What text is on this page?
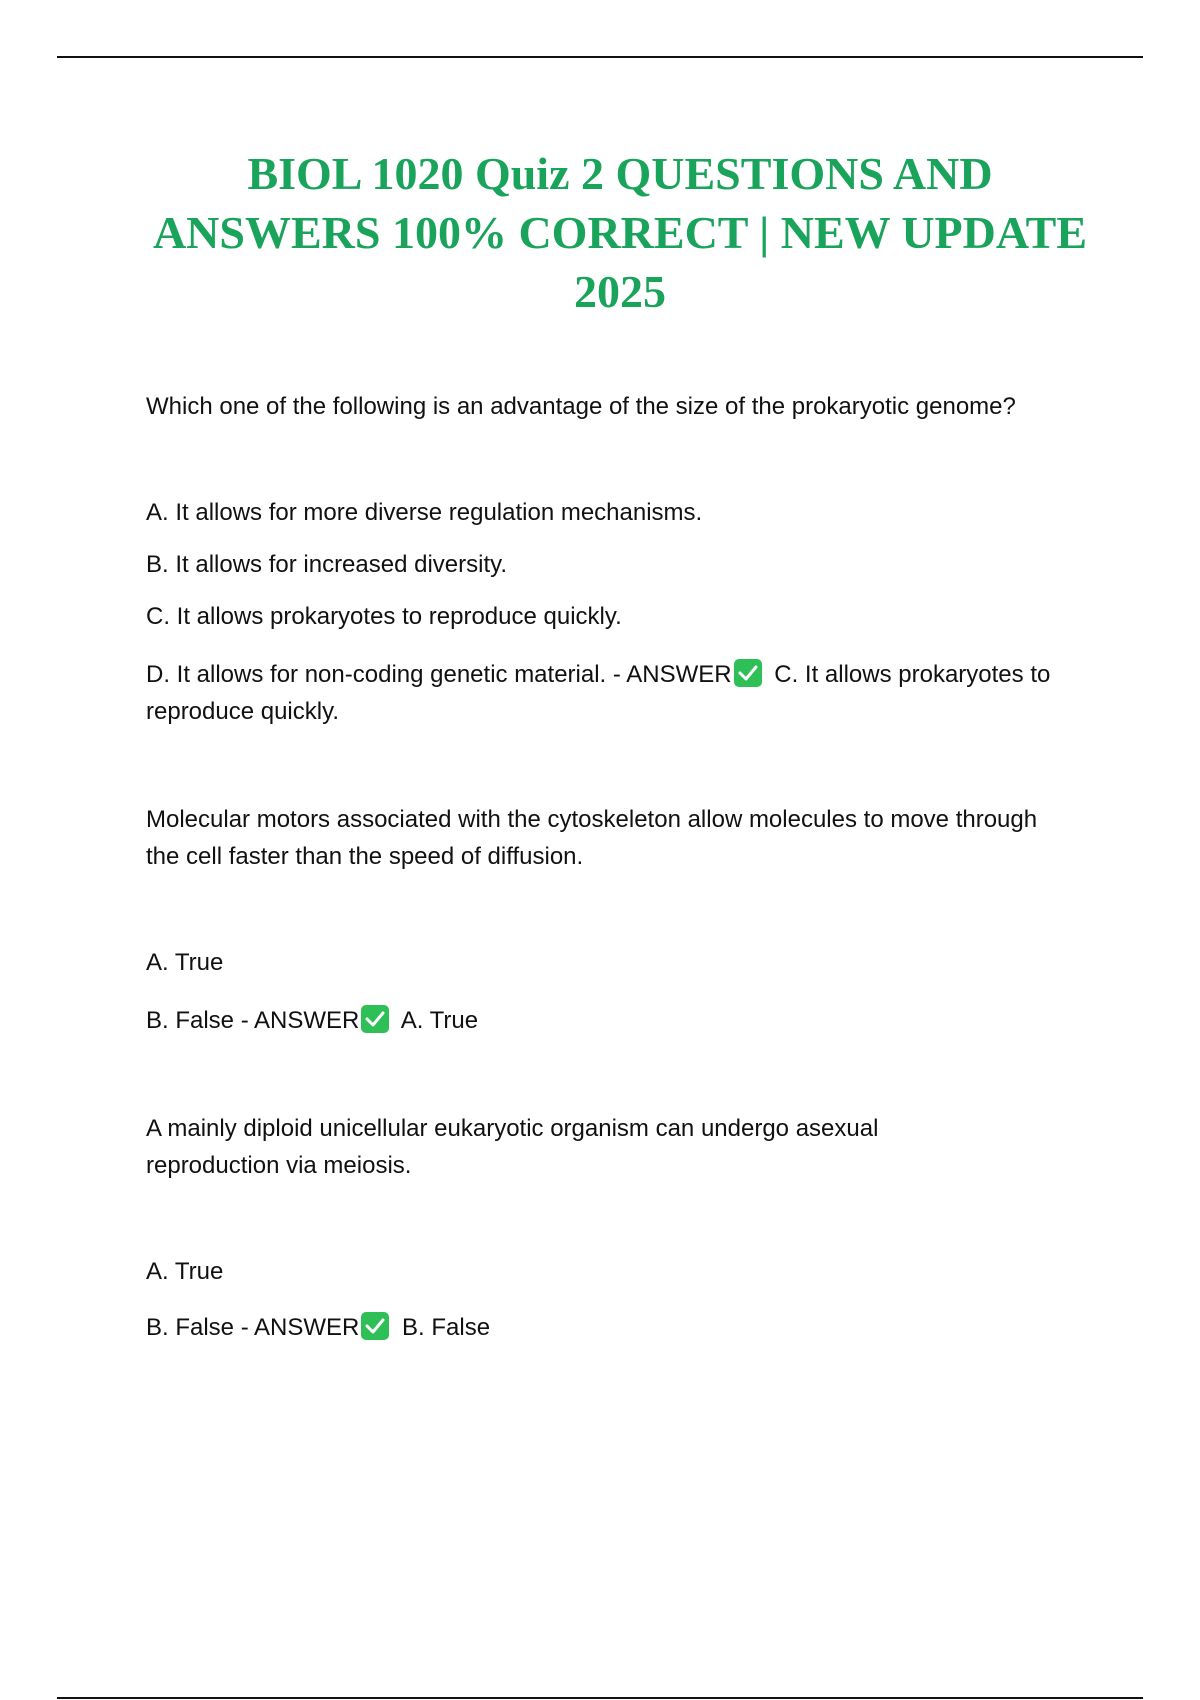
BIOL 1020 Quiz 2 QUESTIONS AND ANSWERS 100% CORRECT | NEW UPDATE 2025

Which one of the following is an advantage of the size of the prokaryotic genome?

A. It allows for more diverse regulation mechanisms.

B. It allows for increased diversity.

C. It allows prokaryotes to reproduce quickly.

D. It allows for non-coding genetic material. - ANSWER C. It allows prokaryotes to reproduce quickly.

Molecular motors associated with the cytoskeleton allow molecules to move through the cell faster than the speed of diffusion.

A. True

B. False - ANSWER A. True

A mainly diploid unicellular eukaryotic organism can undergo asexual reproduction via meiosis.

A. True

B. False - ANSWER B. False
